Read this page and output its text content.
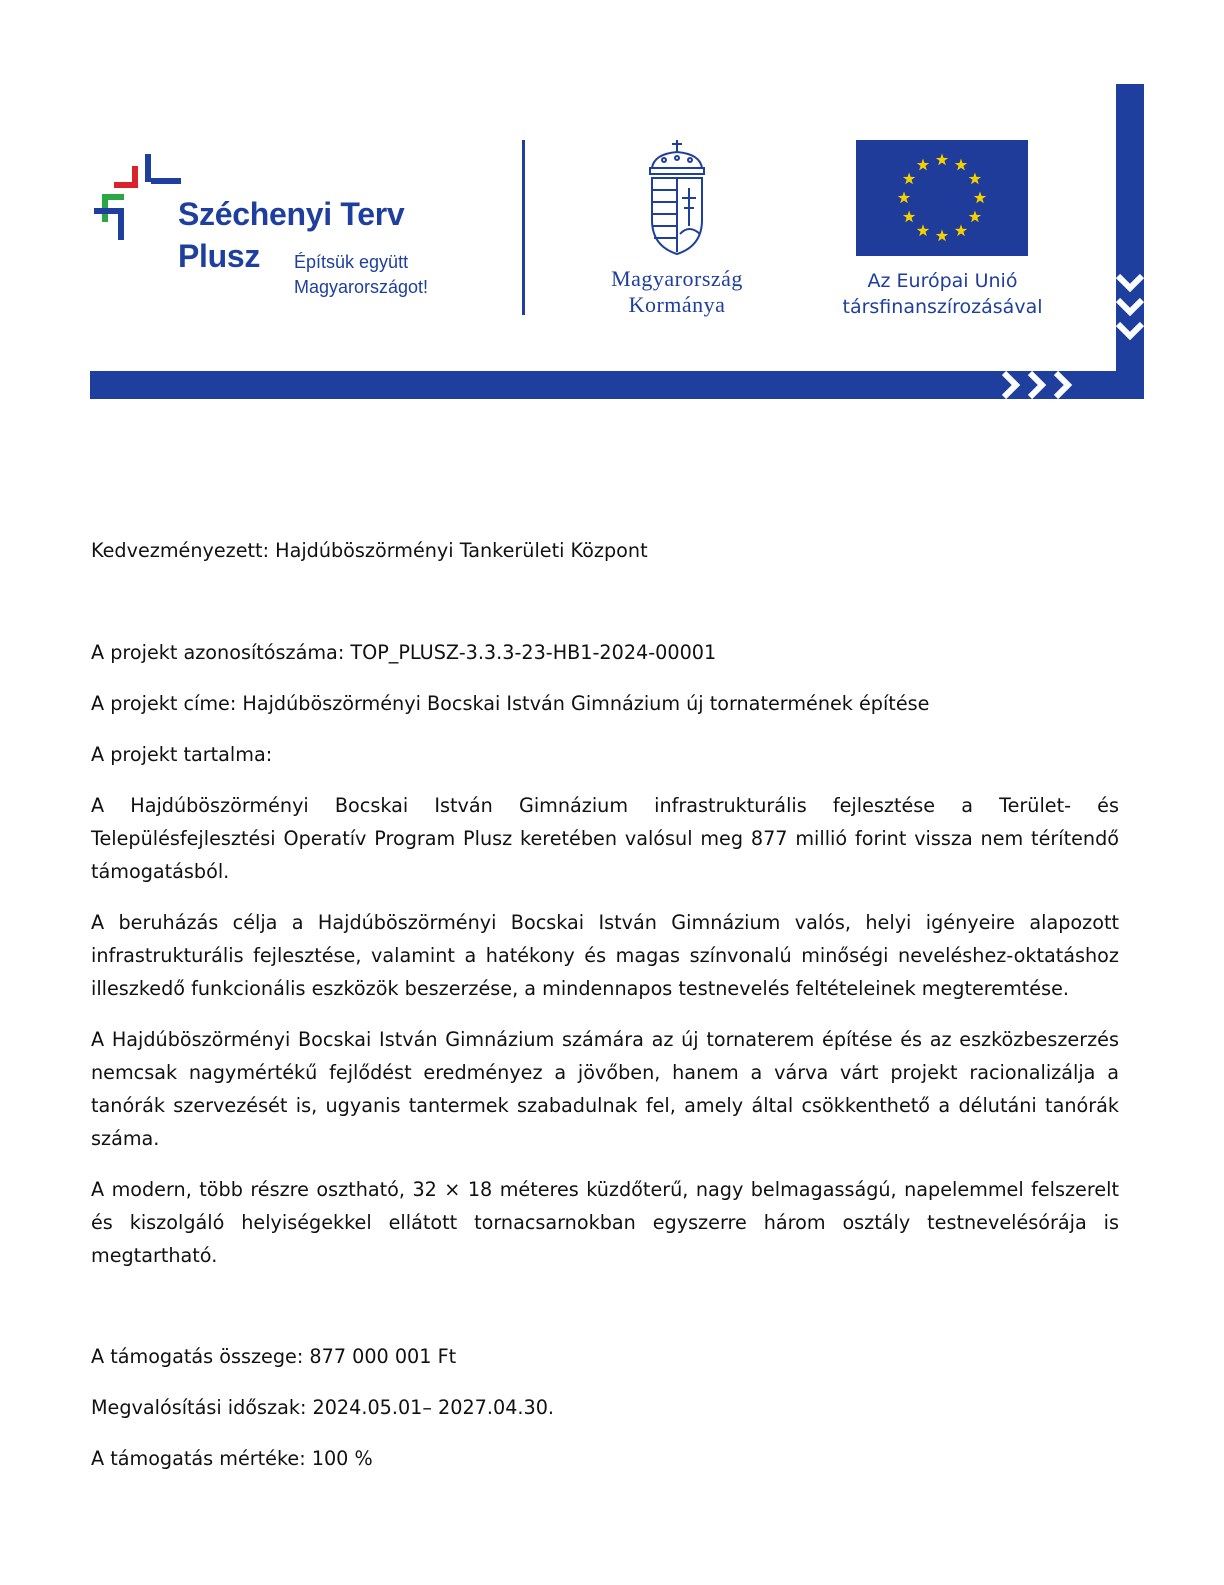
Széchenyi Terv
Plusz Építsük együtt
Magyarországot!	Magyarország
Kormánya
Az Európai Unió
társfinanszírozásával

Kedvezményezett: Hajdúböszörményi Tankerületi Központ

A projekt azonosítószáma: TOP_PLUSZ-3.3.3-23-HB1-2024-00001

A projekt címe: Hajdúböszörményi Bocskai István Gimnázium új tornatermének építése

A projekt tartalma:

A Hajdúböszörményi Bocskai István Gimnázium infrastrukturális fejlesztése a Terület- és Településfejlesztési Operatív Program Plusz keretében valósul meg 877 millió forint vissza nem térítendő támogatásból.

A beruházás célja a Hajdúböszörményi Bocskai István Gimnázium valós, helyi igényeire alapozott infrastrukturális fejlesztése, valamint a hatékony és magas színvonalú minőségi neveléshez-oktatáshoz illeszkedő funkcionális eszközök beszerzése, a mindennapos testnevelés feltételeinek megteremtése.

A Hajdúböszörményi Bocskai István Gimnázium számára az új tornaterem építése és az eszközbeszerzés nemcsak nagymértékű fejlődést eredményez a jövőben, hanem a várva várt projekt racionalizálja a tanórák szervezését is, ugyanis tantermek szabadulnak fel, amely által csökkenthető a délutáni tanórák száma.

A modern, több részre osztható, 32 × 18 méteres küzdőterű, nagy belmagasságú, napelemmel felszerelt és kiszolgáló helyiségekkel ellátott tornacsarnokban egyszerre három osztály testnevelésórája is megtartható.

A támogatás összege: 877 000 001 Ft

Megvalósítási időszak: 2024.05.01– 2027.04.30.

A támogatás mértéke: 100 %
